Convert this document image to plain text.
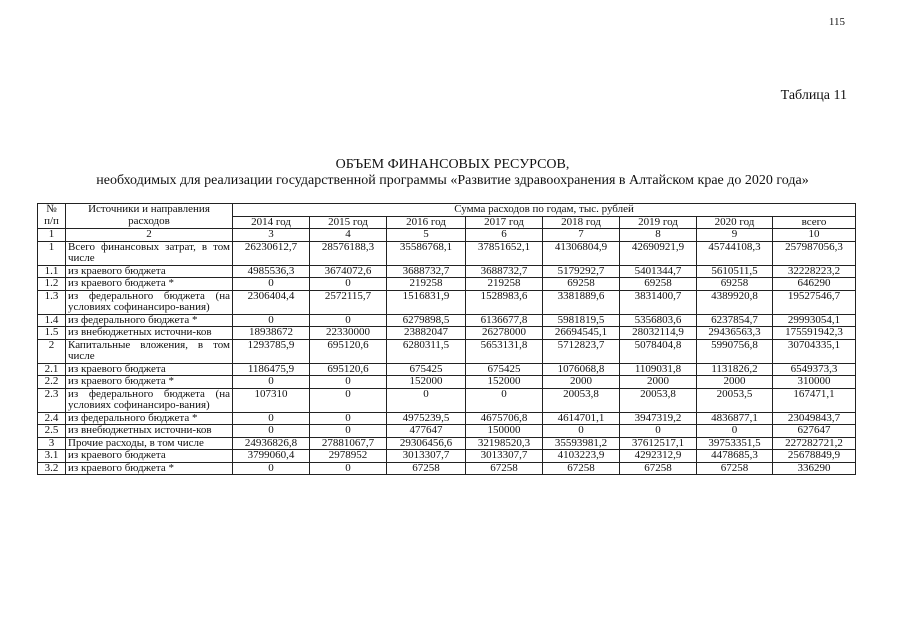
115
Таблица 11
ОБЪЕМ ФИНАНСОВЫХ РЕСУРСОВ,
необходимых для реализации государственной программы «Развитие здравоохранения в Алтайском крае до 2020 года»
№	Источники и направления	Сумма расходов по годам, тыс. рублей							
п/п	расходов	2014 год	2015 год	2016 год	2017 год	2018 год	2019 год	2020 год	всего
1	2	3	4	5	6	7	8	9	10
1	Всего финансовых затрат, в том числе	26230612,7	28576188,3	35586768,1	37851652,1	41306804,9	42690921,9	45744108,3	257987056,3
1.1	из краевого бюджета	4985536,3	3674072,6	3688732,7	3688732,7	5179292,7	5401344,7	5610511,5	32228223,2
1.2	из краевого бюджета *	0	0	219258	219258	69258	69258	69258	646290
1.3	из федерального бюджета (на условиях софинансиро-вания)	2306404,4	2572115,7	1516831,9	1528983,6	3381889,6	3831400,7	4389920,8	19527546,7
1.4	из федерального бюджета *	0	0	6279898,5	6136677,8	5981819,5	5356803,6	6237854,7	29993054,1
1.5	из внебюджетных источни-ков	18938672	22330000	23882047	26278000	26694545,1	28032114,9	29436563,3	175591942,3
2	Капитальные вложения, в том числе	1293785,9	695120,6	6280311,5	5653131,8	5712823,7	5078404,8	5990756,8	30704335,1
2.1	из краевого бюджета	1186475,9	695120,6	675425	675425	1076068,8	1109031,8	1131826,2	6549373,3
2.2	из краевого бюджета *	0	0	152000	152000	2000	2000	2000	310000
2.3	из федерального бюджета (на условиях софинансиро-вания)	107310	0	0	0	20053,8	20053,8	20053,5	167471,1
2.4	из федерального бюджета *	0	0	4975239,5	4675706,8	4614701,1	3947319,2	4836877,1	23049843,7
2.5	из внебюджетных источни-ков	0	0	477647	150000	0	0	0	627647
3	Прочие расходы, в том числе	24936826,8	27881067,7	29306456,6	32198520,3	35593981,2	37612517,1	39753351,5	227282721,2
3.1	из краевого бюджета	3799060,4	2978952	3013307,7	3013307,7	4103223,9	4292312,9	4478685,3	25678849,9
3.2	из краевого бюджета *	0	0	67258	67258	67258	67258	67258	336290
